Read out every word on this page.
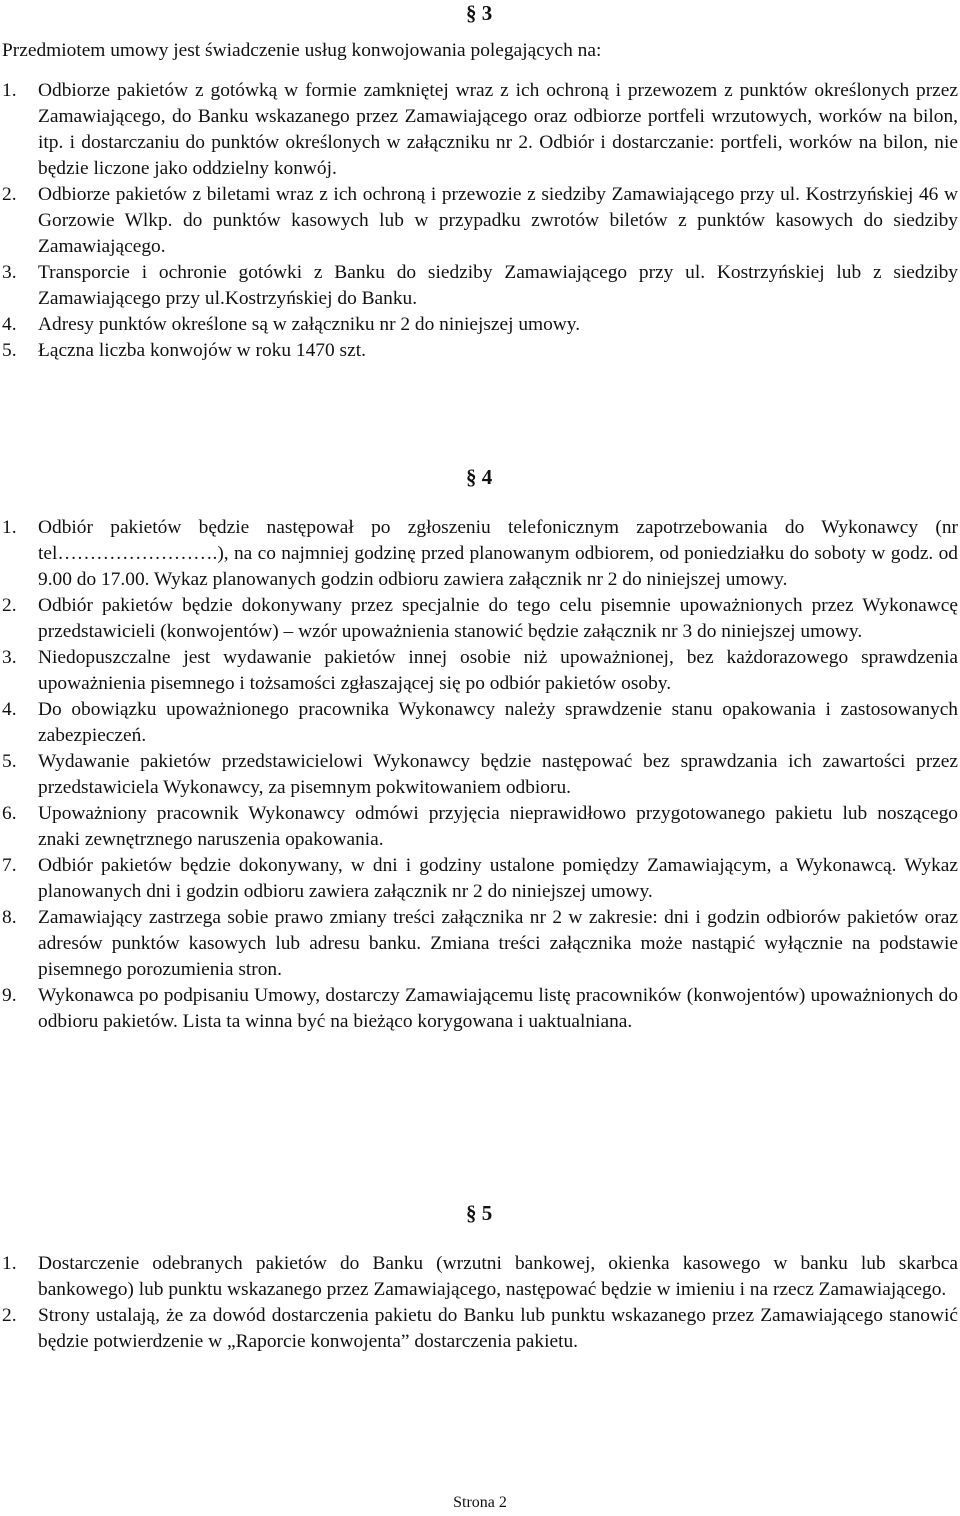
§ 3

Przedmiotem umowy jest świadczenie usług konwojowania polegających na:

1. Odbiorze pakietów z gotówką w formie zamkniętej wraz z ich ochroną i przewozem z punktów określonych przez Zamawiającego, do Banku wskazanego przez Zamawiającego oraz odbiorze portfeli wrzutowych, worków na bilon, itp. i dostarczaniu do punktów określonych w załączniku nr 2. Odbiór i dostarczanie: portfeli, worków na bilon, nie będzie liczone jako oddzielny konwój.
2. Odbiorze pakietów z biletami wraz z ich ochroną i przewozie z siedziby Zamawiającego przy ul. Kostrzyńskiej 46 w Gorzowie Wlkp. do punktów kasowych lub w przypadku zwrotów biletów z punktów kasowych do siedziby Zamawiającego.
3. Transporcie i ochronie gotówki z Banku do siedziby Zamawiającego przy ul. Kostrzyńskiej lub z siedziby Zamawiającego przy ul.Kostrzyńskiej do Banku.
4. Adresy punktów określone są w załączniku nr 2 do niniejszej umowy.
5. Łączna liczba konwojów w roku 1470 szt.
§ 4
1. Odbiór pakietów będzie następował po zgłoszeniu telefonicznym zapotrzebowania do Wykonawcy (nr tel…………………….), na co najmniej godzinę przed planowanym odbiorem, od poniedziałku do soboty w godz. od 9.00 do 17.00. Wykaz planowanych godzin odbioru zawiera załącznik nr 2 do niniejszej umowy.
2. Odbiór pakietów będzie dokonywany przez specjalnie do tego celu pisemnie upoważnionych przez Wykonawcę przedstawicieli (konwojentów) – wzór upoważnienia stanowić będzie załącznik nr 3 do niniejszej umowy.
3. Niedopuszczalne jest wydawanie pakietów innej osobie niż upoważnionej, bez każdorazowego sprawdzenia upoważnienia pisemnego i tożsamości zgłaszającej się po odbiór pakietów osoby.
4. Do obowiązku upoważnionego pracownika Wykonawcy należy sprawdzenie stanu opakowania i zastosowanych zabezpieczeń.
5. Wydawanie pakietów przedstawicielowi Wykonawcy będzie następować bez sprawdzania ich zawartości przez przedstawiciela Wykonawcy, za pisemnym pokwitowaniem odbioru.
6. Upoważniony pracownik Wykonawcy odmówi przyjęcia nieprawidłowo przygotowanego pakietu lub noszącego znaki zewnętrznego naruszenia opakowania.
7. Odbiór pakietów będzie dokonywany, w dni i godziny ustalone pomiędzy Zamawiającym, a Wykonawcą. Wykaz planowanych dni i godzin odbioru zawiera załącznik nr 2 do niniejszej umowy.
8. Zamawiający zastrzega sobie prawo zmiany treści załącznika nr 2 w zakresie: dni i godzin odbiorów pakietów oraz adresów punktów kasowych lub adresu banku. Zmiana treści załącznika może nastąpić wyłącznie na podstawie pisemnego porozumienia stron.
9. Wykonawca po podpisaniu Umowy, dostarczy Zamawiającemu listę pracowników (konwojentów) upoważnionych do odbioru pakietów. Lista ta winna być na bieżąco korygowana i uaktualniana.
§ 5
1. Dostarczenie odebranych pakietów do Banku (wrzutni bankowej, okienka kasowego w banku lub skarbca bankowego) lub punktu wskazanego przez Zamawiającego, następować będzie w imieniu i na rzecz Zamawiającego.
2. Strony ustalają, że za dowód dostarczenia pakietu do Banku lub punktu wskazanego przez Zamawiającego stanowić będzie potwierdzenie w „Raporcie konwojenta” dostarczenia pakietu.
Strona 2
